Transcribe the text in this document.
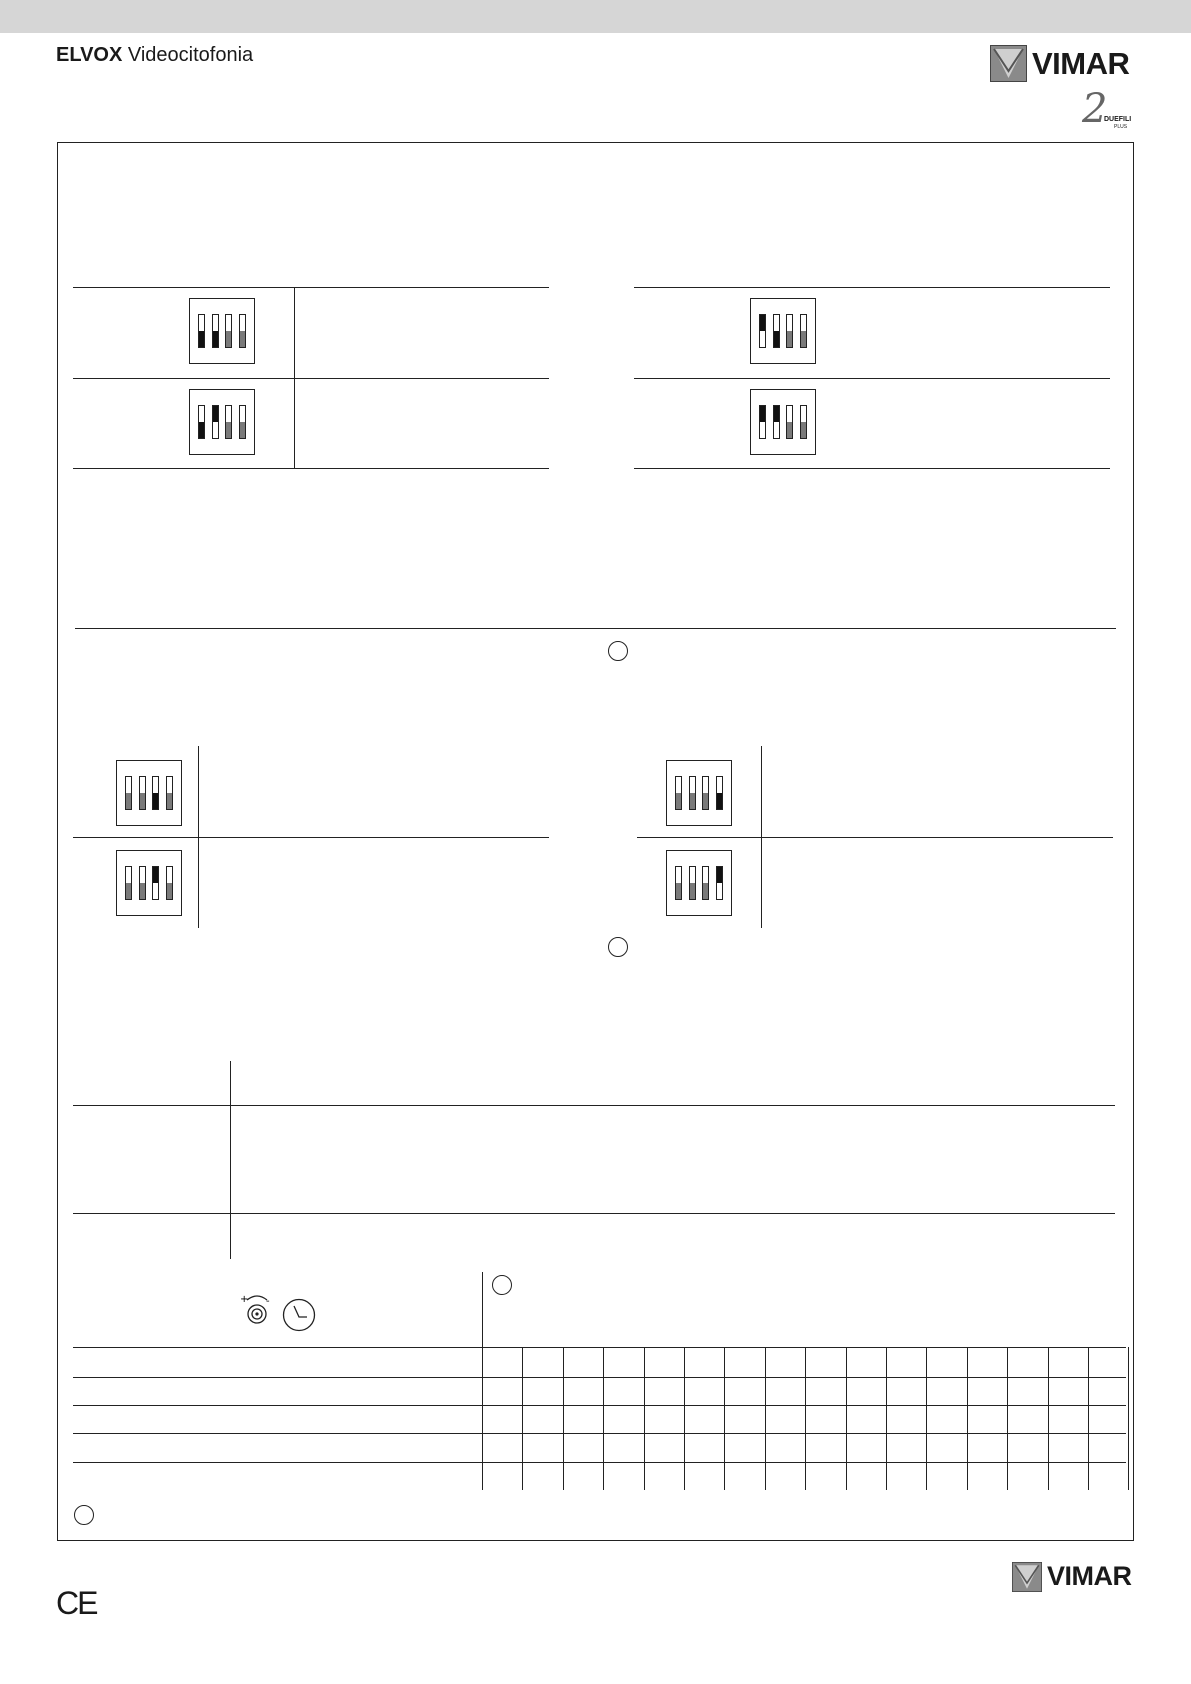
ELVOX Videocitofonia	VIMAR
2
DUEFILI
PLUS
+ -
CE
VIMAR
